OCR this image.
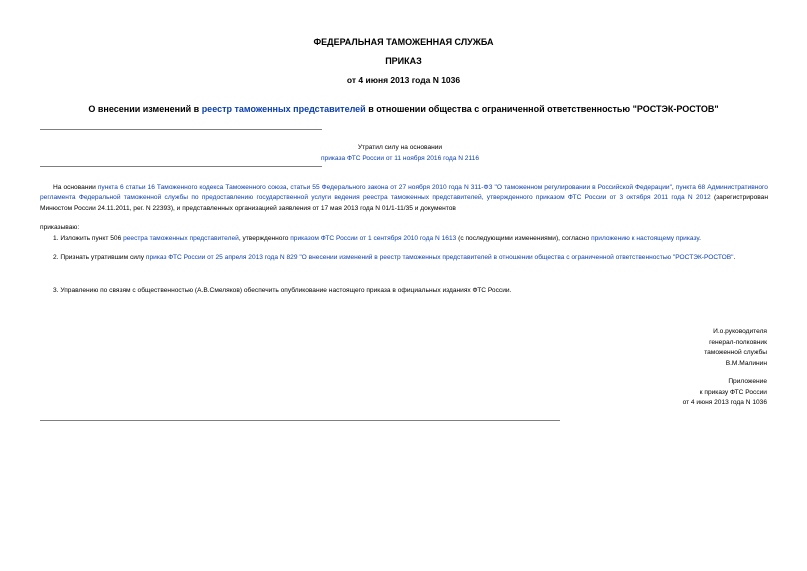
ФЕДЕРАЛЬНАЯ ТАМОЖЕННАЯ СЛУЖБА
ПРИКАЗ
от 4 июня 2013 года N 1036
О внесении изменений в реестр таможенных представителей в отношении общества с ограниченной ответственностью "РОСТЭК-РОСТОВ"
Утратил силу на основании
приказа ФТС России от 11 ноября 2016 года N 2116
На основании пункта 6 статьи 16 Таможенного кодекса Таможенного союза, статьи 55 Федерального закона от 27 ноября 2010 года N 311-ФЗ "О таможенном регулировании в Российской Федерации", пункта 68 Административного регламента Федеральной таможенной службы по предоставлению государственной услуги ведения реестра таможенных представителей, утвержденного приказом ФТС России от 3 октября 2011 года N 2012 (зарегистрирован Минюстом России 24.11.2011, рег. N 22393), и представленных организацией заявления от 17 мая 2013 года N 01/1-11/35 и документов
приказываю:
1. Изложить пункт 506 реестра таможенных представителей, утвержденного приказом ФТС России от 1 сентября 2010 года N 1613 (с последующими изменениями), согласно приложению к настоящему приказу.
2. Признать утратившим силу приказ ФТС России от 25 апреля 2013 года N 829 "О внесении изменений в реестр таможенных представителей в отношении общества с ограниченной ответственностью "РОСТЭК-РОСТОВ".
3. Управлению по связям с общественностью (А.В.Смеляков) обеспечить опубликование настоящего приказа в официальных изданиях ФТС России.
И.о.руководителя
генерал-полковник
таможенной службы
В.М.Малинин
Приложение
к приказу ФТС России
от 4 июня 2013 года N 1036
